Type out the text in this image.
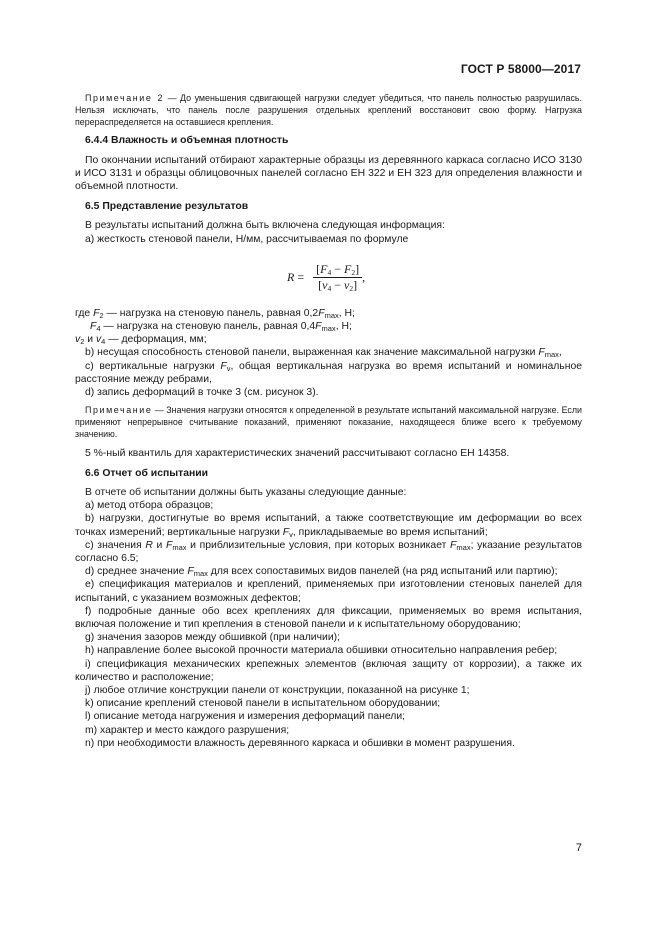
ГОСТ Р 58000—2017

Примечание 2 — До уменьшения сдвигающей нагрузки следует убедиться, что панель полностью разрушилась. Нельзя исключать, что панель после разрушения отдельных креплений восстановит свою форму. Нагрузка перераспределяется на оставшиеся крепления.

6.4.4 Влажность и объемная плотность

По окончании испытаний отбирают характерные образцы из деревянного каркаса согласно ИСО 3130 и ИСО 3131 и образцы облицовочных панелей согласно ЕН 322 и ЕН 323 для определения влажности и объемной плотности.

6.5 Представление результатов

В результаты испытаний должна быть включена следующая информация:

a) жесткость стеновой панели, Н/мм, рассчитываемая по формуле

$R = \frac{[F_4 - F_2]}{[v_4 - v_2]}$ ,
где $F_2$ — нагрузка на стеновую панель, равная $0,2F_{max}$, Н;
$F_4$ — нагрузка на стеновую панель, равная $0,4F_{max}$, Н;
$v_2$ и $v_4$ — деформация, мм;

b) несущая способность стеновой панели, выраженная как значение максимальной нагрузки $F_{max}$,

c) вертикальные нагрузки $F_v$, общая вертикальная нагрузка во время испытаний и номинальное расстояние между ребрами,

d) запись деформаций в точке 3 (см. рисунок 3).

Примечание — Значения нагрузки относятся к определенной в результате испытаний максимальной нагрузке. Если применяют непрерывное считывание показаний, применяют показание, находящееся ближе всего к требуемому значению.

5 %-ный квантиль для характеристических значений рассчитывают согласно ЕН 14358.

6.6 Отчет об испытании

В отчете об испытании должны быть указаны следующие данные:

a) метод отбора образцов;

b) нагрузки, достигнутые во время испытаний, а также соответствующие им деформации во всех точках измерений; вертикальные нагрузки $F_v$, прикладываемые во время испытаний;

c) значения R и $F_{max}$ и приблизительные условия, при которых возникает $F_{max}$; указание результатов согласно 6.5;

d) среднее значение $F_{max}$ для всех сопоставимых видов панелей (на ряд испытаний или партию);

e) спецификация материалов и креплений, применяемых при изготовлении стеновых панелей для испытаний, с указанием возможных дефектов;

f) подробные данные обо всех креплениях для фиксации, применяемых во время испытания, включая положение и тип крепления в стеновой панели и к испытательному оборудованию;

g) значения зазоров между обшивкой (при наличии);

h) направление более высокой прочности материала обшивки относительно направления ребер;

i) спецификация механических крепежных элементов (включая защиту от коррозии), а также их количество и расположение;

j) любое отличие конструкции панели от конструкции, показанной на рисунке 1;

k) описание креплений стеновой панели в испытательном оборудовании;

l) описание метода нагружения и измерения деформаций панели;

m) характер и место каждого разрушения;

n) при необходимости влажность деревянного каркаса и обшивки в момент разрушения.

7
